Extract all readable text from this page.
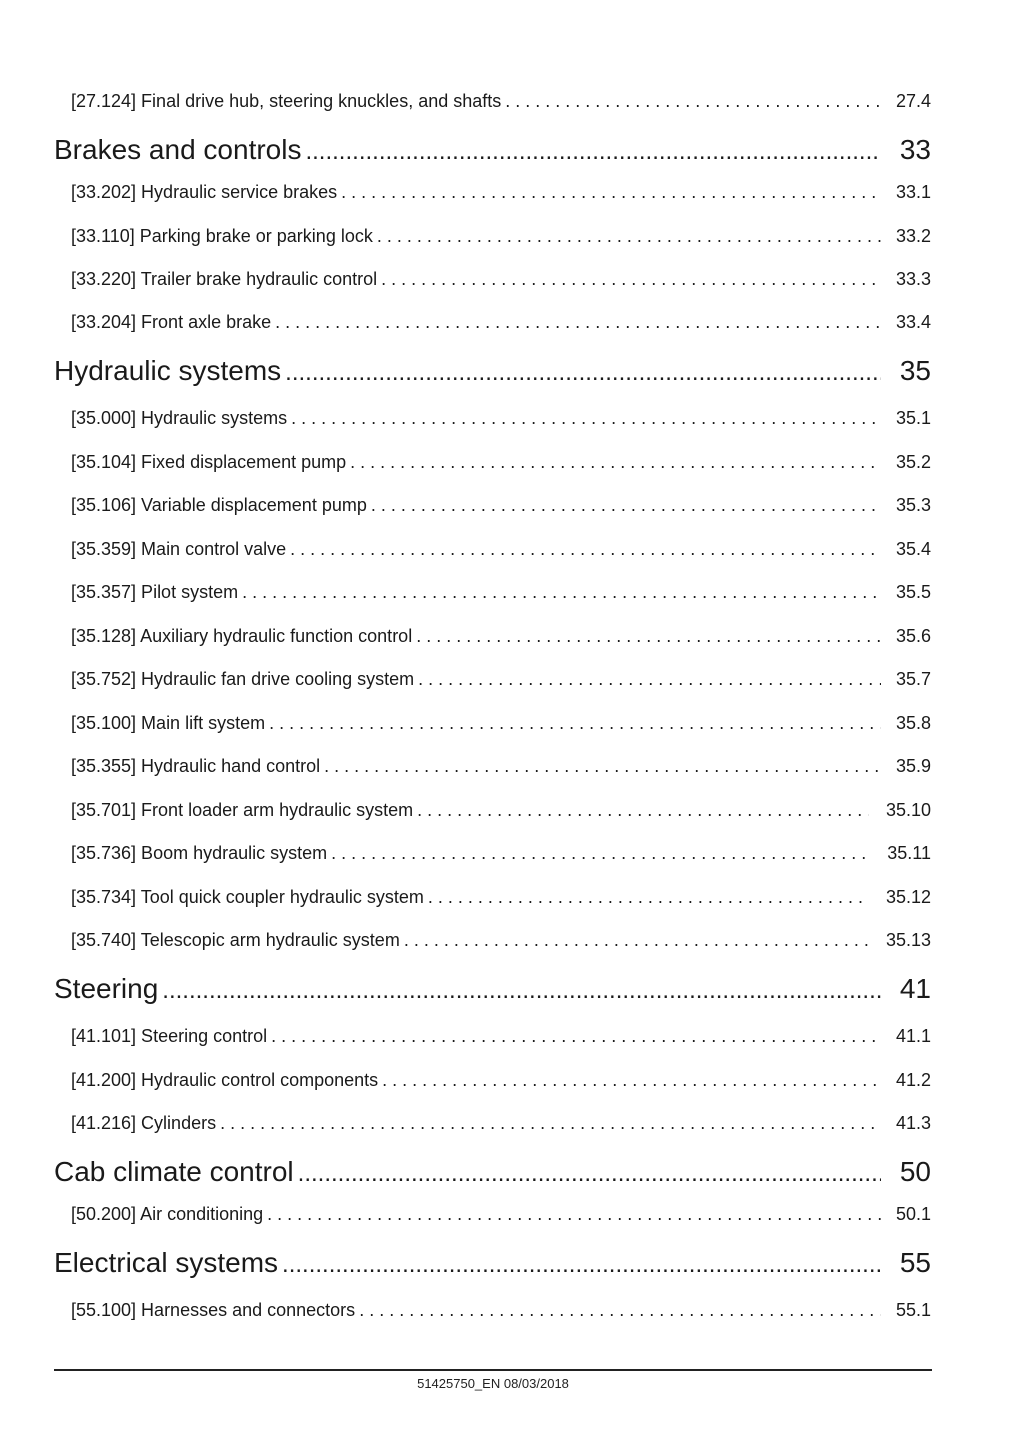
[27.124] Final drive hub, steering knuckles, and shafts . . .	27.4
Brakes and controls .....	33
[33.202] Hydraulic service brakes . . .	33.1
[33.110] Parking brake or parking lock . . .	33.2
[33.220] Trailer brake hydraulic control . . .	33.3
[33.204] Front axle brake . . .	33.4
Hydraulic systems .....	35
[35.000] Hydraulic systems . . .	35.1
[35.104] Fixed displacement pump . . .	35.2
[35.106] Variable displacement pump . . .	35.3
[35.359] Main control valve . . .	35.4
[35.357] Pilot system . . .	35.5
[35.128] Auxiliary hydraulic function control . . .	35.6
[35.752] Hydraulic fan drive cooling system . . .	35.7
[35.100] Main lift system . . .	35.8
[35.355] Hydraulic hand control . . .	35.9
[35.701] Front loader arm hydraulic system . . .	35.10
[35.736] Boom hydraulic system . . .	35.11
[35.734] Tool quick coupler hydraulic system . . .	35.12
[35.740] Telescopic arm hydraulic system . . .	35.13
Steering .....	41
[41.101] Steering control . . .	41.1
[41.200] Hydraulic control components . . .	41.2
[41.216] Cylinders . . .	41.3
Cab climate control .....	50
[50.200] Air conditioning . . .	50.1
Electrical systems .....	55
[55.100] Harnesses and connectors . . .	55.1
51425750_EN 08/03/2018
